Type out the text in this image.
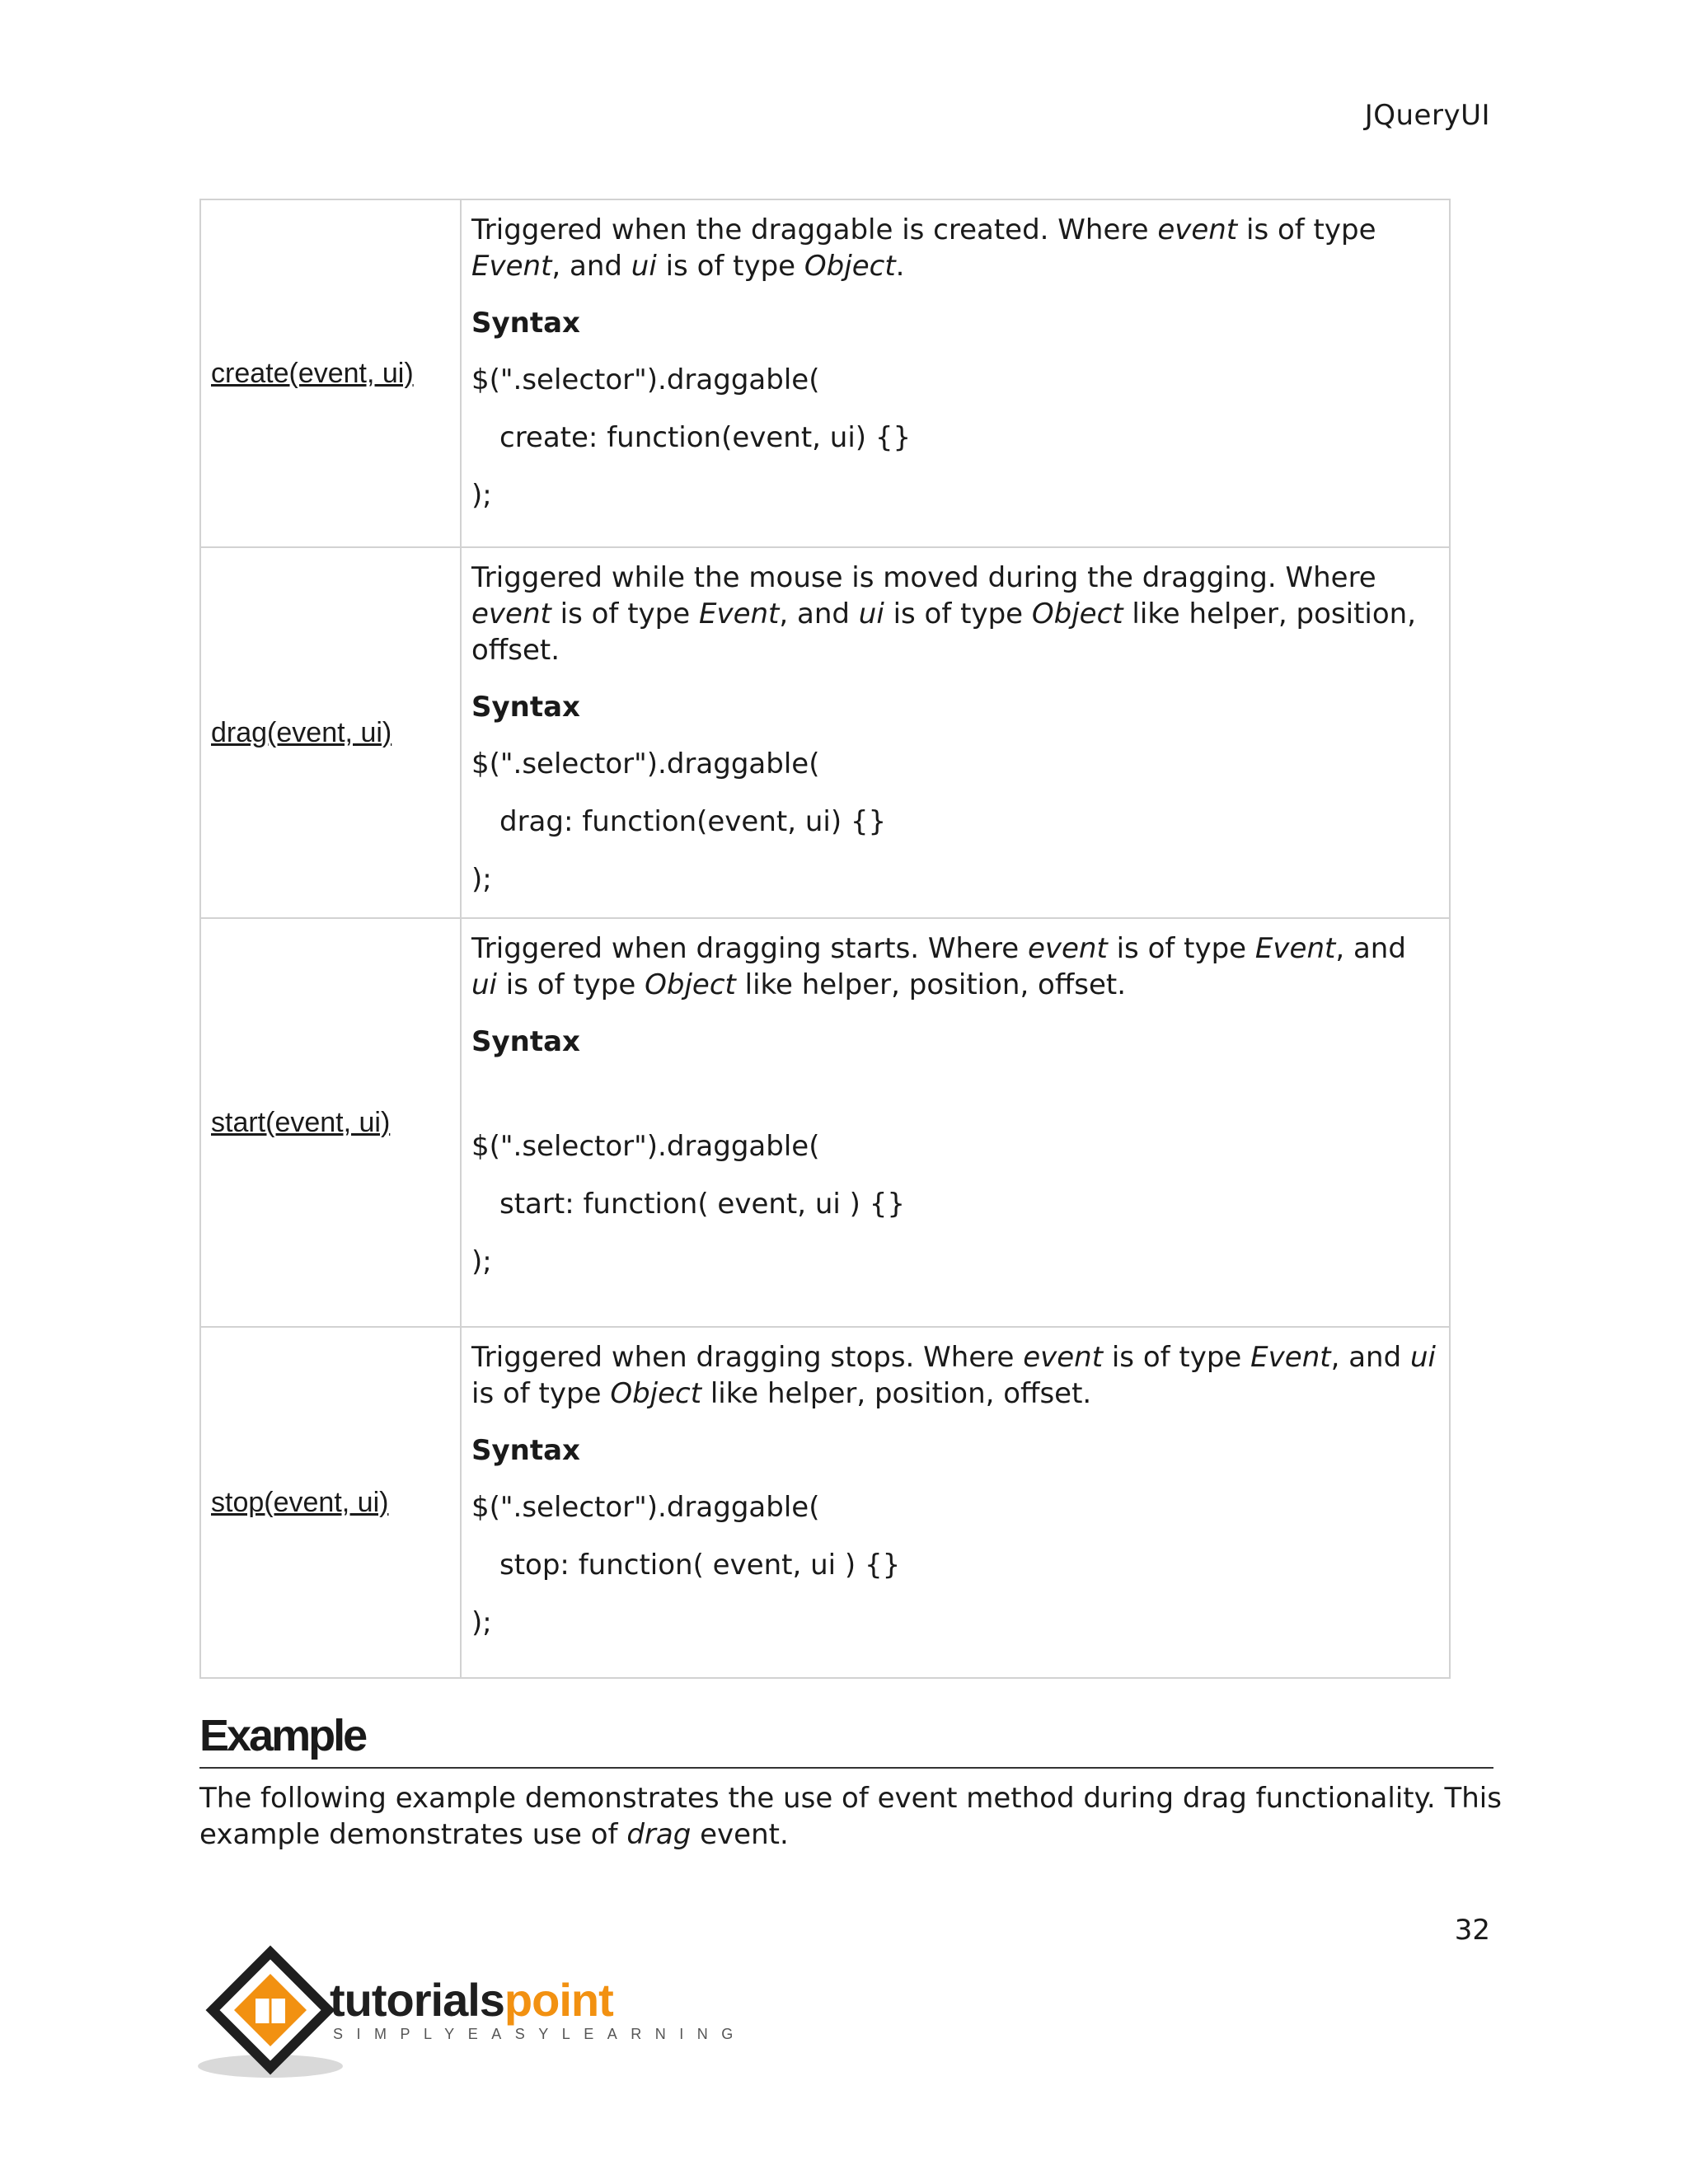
JQueryUI
create(event, ui)	Triggered when the draggable is created. Where event is of type Event, and ui is of type Object.

Syntax

$(".selector").draggable(

create: function(event, ui) {}

);

drag(event, ui)	Triggered while the mouse is moved during the dragging. Where event is of type Event, and ui is of type Object like helper, position, offset.

Syntax

$(".selector").draggable(

drag: function(event, ui) {}

);

start(event, ui)	Triggered when dragging starts. Where event is of type Event, and ui is of type Object like helper, position, offset.

Syntax

$(".selector").draggable(

start: function( event, ui ) {}

);

stop(event, ui)	Triggered when dragging stops. Where event is of type Event, and ui is of type Object like helper, position, offset.

Syntax

$(".selector").draggable(

stop: function( event, ui ) {}

);

Example
The following example demonstrates the use of event method during drag functionality. This example demonstrates use of drag event.
32
tutorialspoint
SIMPLYEASYLEARNING
